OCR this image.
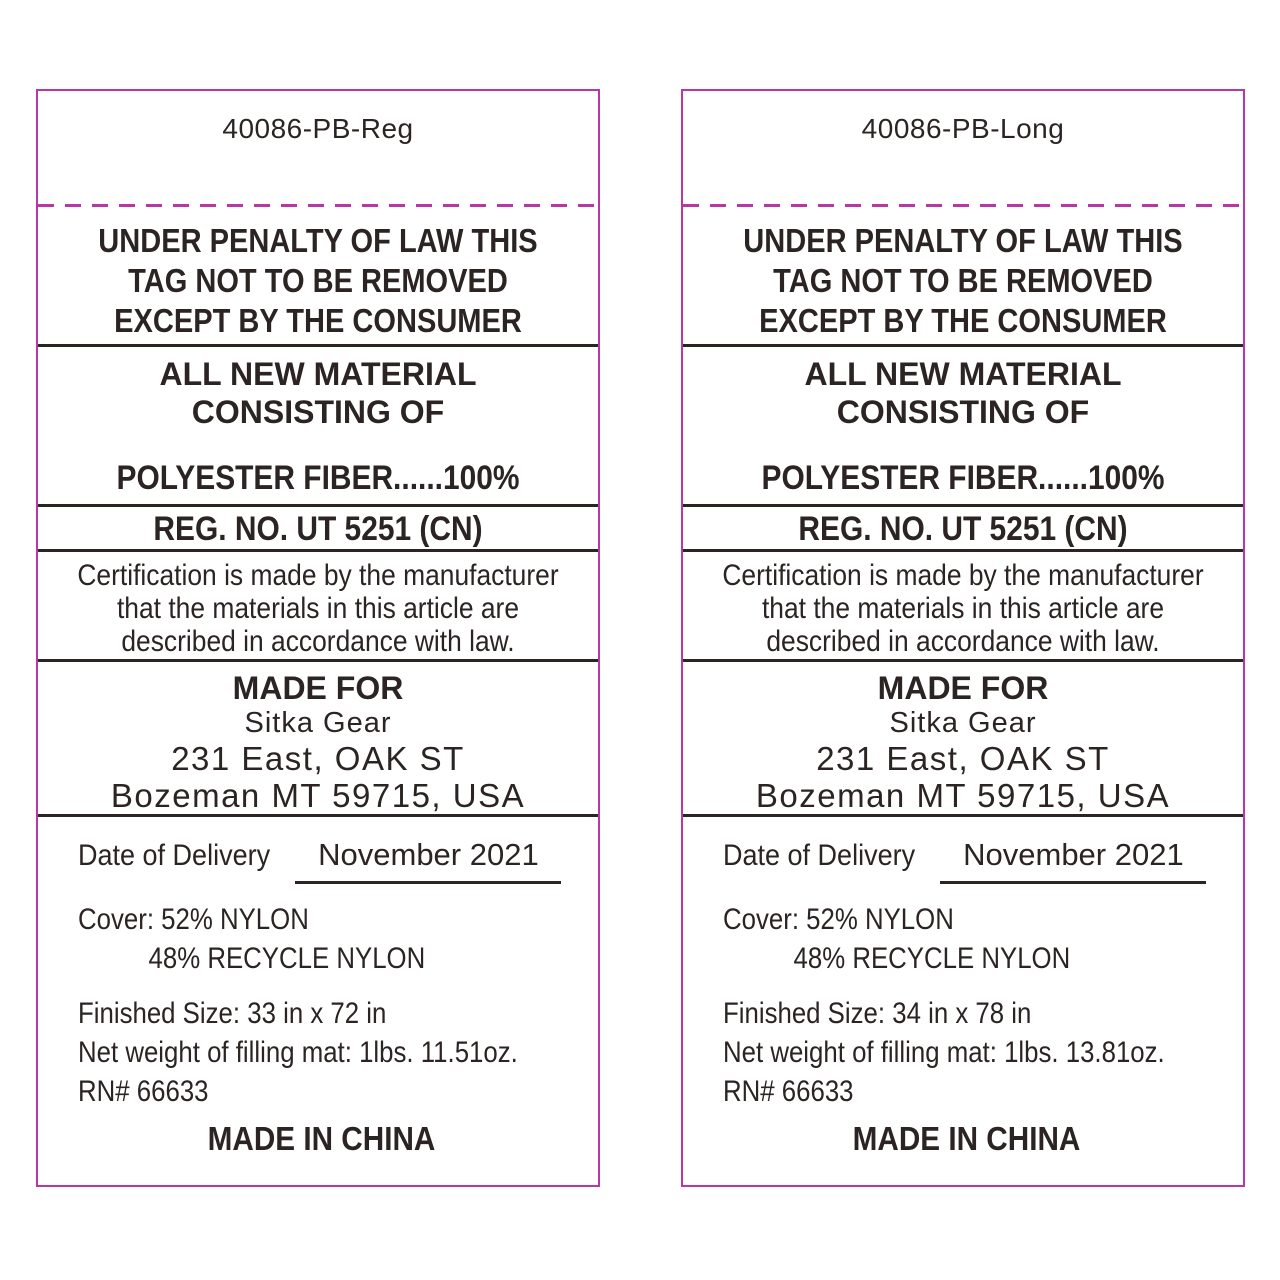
40086-PB-Reg
UNDER PENALTY OF LAW THIS
TAG NOT TO BE REMOVED
EXCEPT BY THE CONSUMER
ALL NEW MATERIAL
CONSISTING OF
POLYESTER FIBER......100%
REG. NO. UT 5251 (CN)
Certification is made by the manufacturer
that the materials in this article are
described in accordance with law.
MADE FOR
Sitka Gear
231 East, OAK ST
Bozeman MT 59715, USA
Date of Delivery	November 2021
Cover: 52% NYLON
48% RECYCLE NYLON
Finished Size: 33 in x 72 in
Net weight of filling mat: 1lbs. 11.51oz.
RN# 66633
MADE IN CHINA
40086-PB-Long
UNDER PENALTY OF LAW THIS
TAG NOT TO BE REMOVED
EXCEPT BY THE CONSUMER
ALL NEW MATERIAL
CONSISTING OF
POLYESTER FIBER......100%
REG. NO. UT 5251 (CN)
Certification is made by the manufacturer
that the materials in this article are
described in accordance with law.
MADE FOR
Sitka Gear
231 East, OAK ST
Bozeman MT 59715, USA
Date of Delivery	November 2021
Cover: 52% NYLON
48% RECYCLE NYLON
Finished Size: 34 in x 78 in
Net weight of filling mat: 1lbs. 13.81oz.
RN# 66633
MADE IN CHINA
